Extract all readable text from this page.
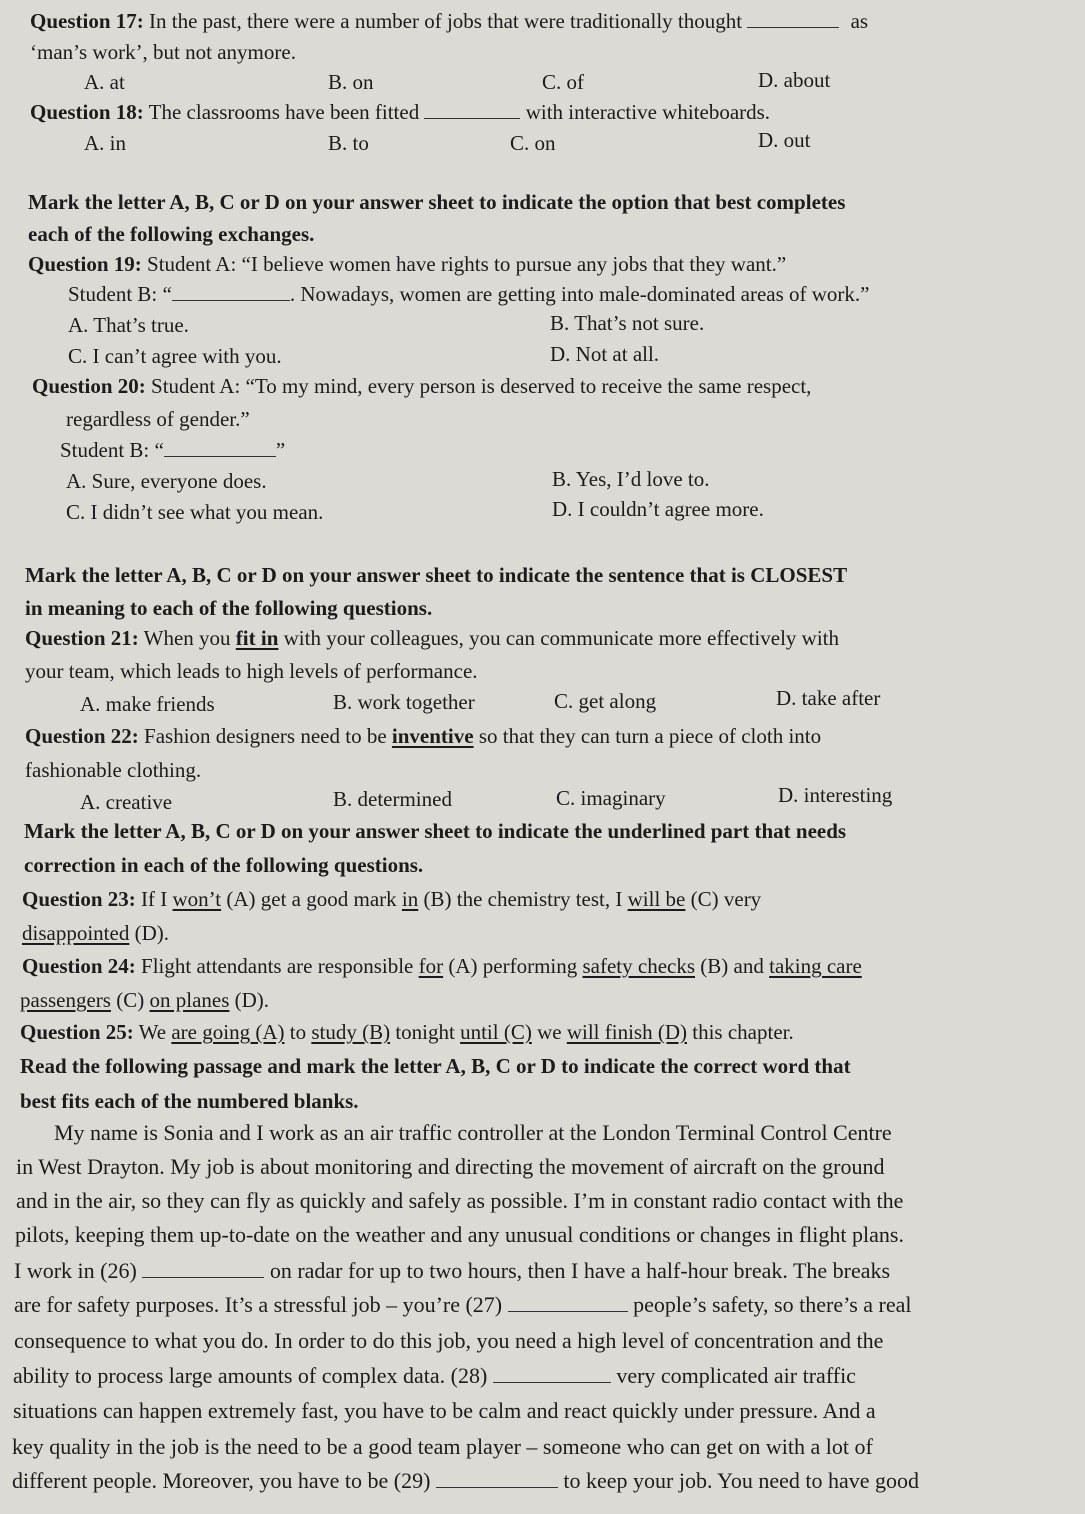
Question 17: In the past, there were a number of jobs that were traditionally thought	as
‘man’s work’, but not anymore.
A. at	B. on	C. of	D. about
Question 18: The classrooms have been fitted	with interactive whiteboards.
A. in	B. to	C. on	D. out
Mark the letter A, B, C or D on your answer sheet to indicate the option that best completes
each of the following exchanges.
Question 19: Student A: “I believe women have rights to pursue any jobs that they want.”
Student B: “	. Nowadays, women are getting into male-dominated areas of work.”
A. That’s true.	B. That’s not sure.
C. I can’t agree with you.	D. Not at all.
Question 20: Student A: “To my mind, every person is deserved to receive the same respect,
regardless of gender.”
Student B: “	”
A. Sure, everyone does.	B. Yes, I’d love to.
C. I didn’t see what you mean.	D. I couldn’t agree more.
Mark the letter A, B, C or D on your answer sheet to indicate the sentence that is CLOSEST
in meaning to each of the following questions.
Question 21: When you fit in with your colleagues, you can communicate more effectively with
your team, which leads to high levels of performance.
A. make friends	B. work together	C. get along	D. take after
Question 22: Fashion designers need to be inventive so that they can turn a piece of cloth into
fashionable clothing.
A. creative	B. determined	C. imaginary	D. interesting
Mark the letter A, B, C or D on your answer sheet to indicate the underlined part that needs
correction in each of the following questions.
Question 23: If I won’t (A) get a good mark in (B) the chemistry test, I will be (C) very
disappointed (D).
Question 24: Flight attendants are responsible for (A) performing safety checks (B) and taking care
passengers (C) on planes (D).
Question 25: We are going (A) to study (B) tonight until (C) we will finish (D) this chapter.
Read the following passage and mark the letter A, B, C or D to indicate the correct word that
best fits each of the numbered blanks.
My name is Sonia and I work as an air traffic controller at the London Terminal Control Centre
in West Drayton. My job is about monitoring and directing the movement of aircraft on the ground
and in the air, so they can fly as quickly and safely as possible. I’m in constant radio contact with the
pilots, keeping them up-to-date on the weather and any unusual conditions or changes in flight plans.
I work in (26)	on radar for up to two hours, then I have a half-hour break. The breaks
are for safety purposes. It’s a stressful job – you’re (27)	people’s safety, so there’s a real
consequence to what you do. In order to do this job, you need a high level of concentration and the
ability to process large amounts of complex data. (28)	very complicated air traffic
situations can happen extremely fast, you have to be calm and react quickly under pressure. And a
key quality in the job is the need to be a good team player – someone who can get on with a lot of
different people. Moreover, you have to be (29)	to keep your job. You need to have good
